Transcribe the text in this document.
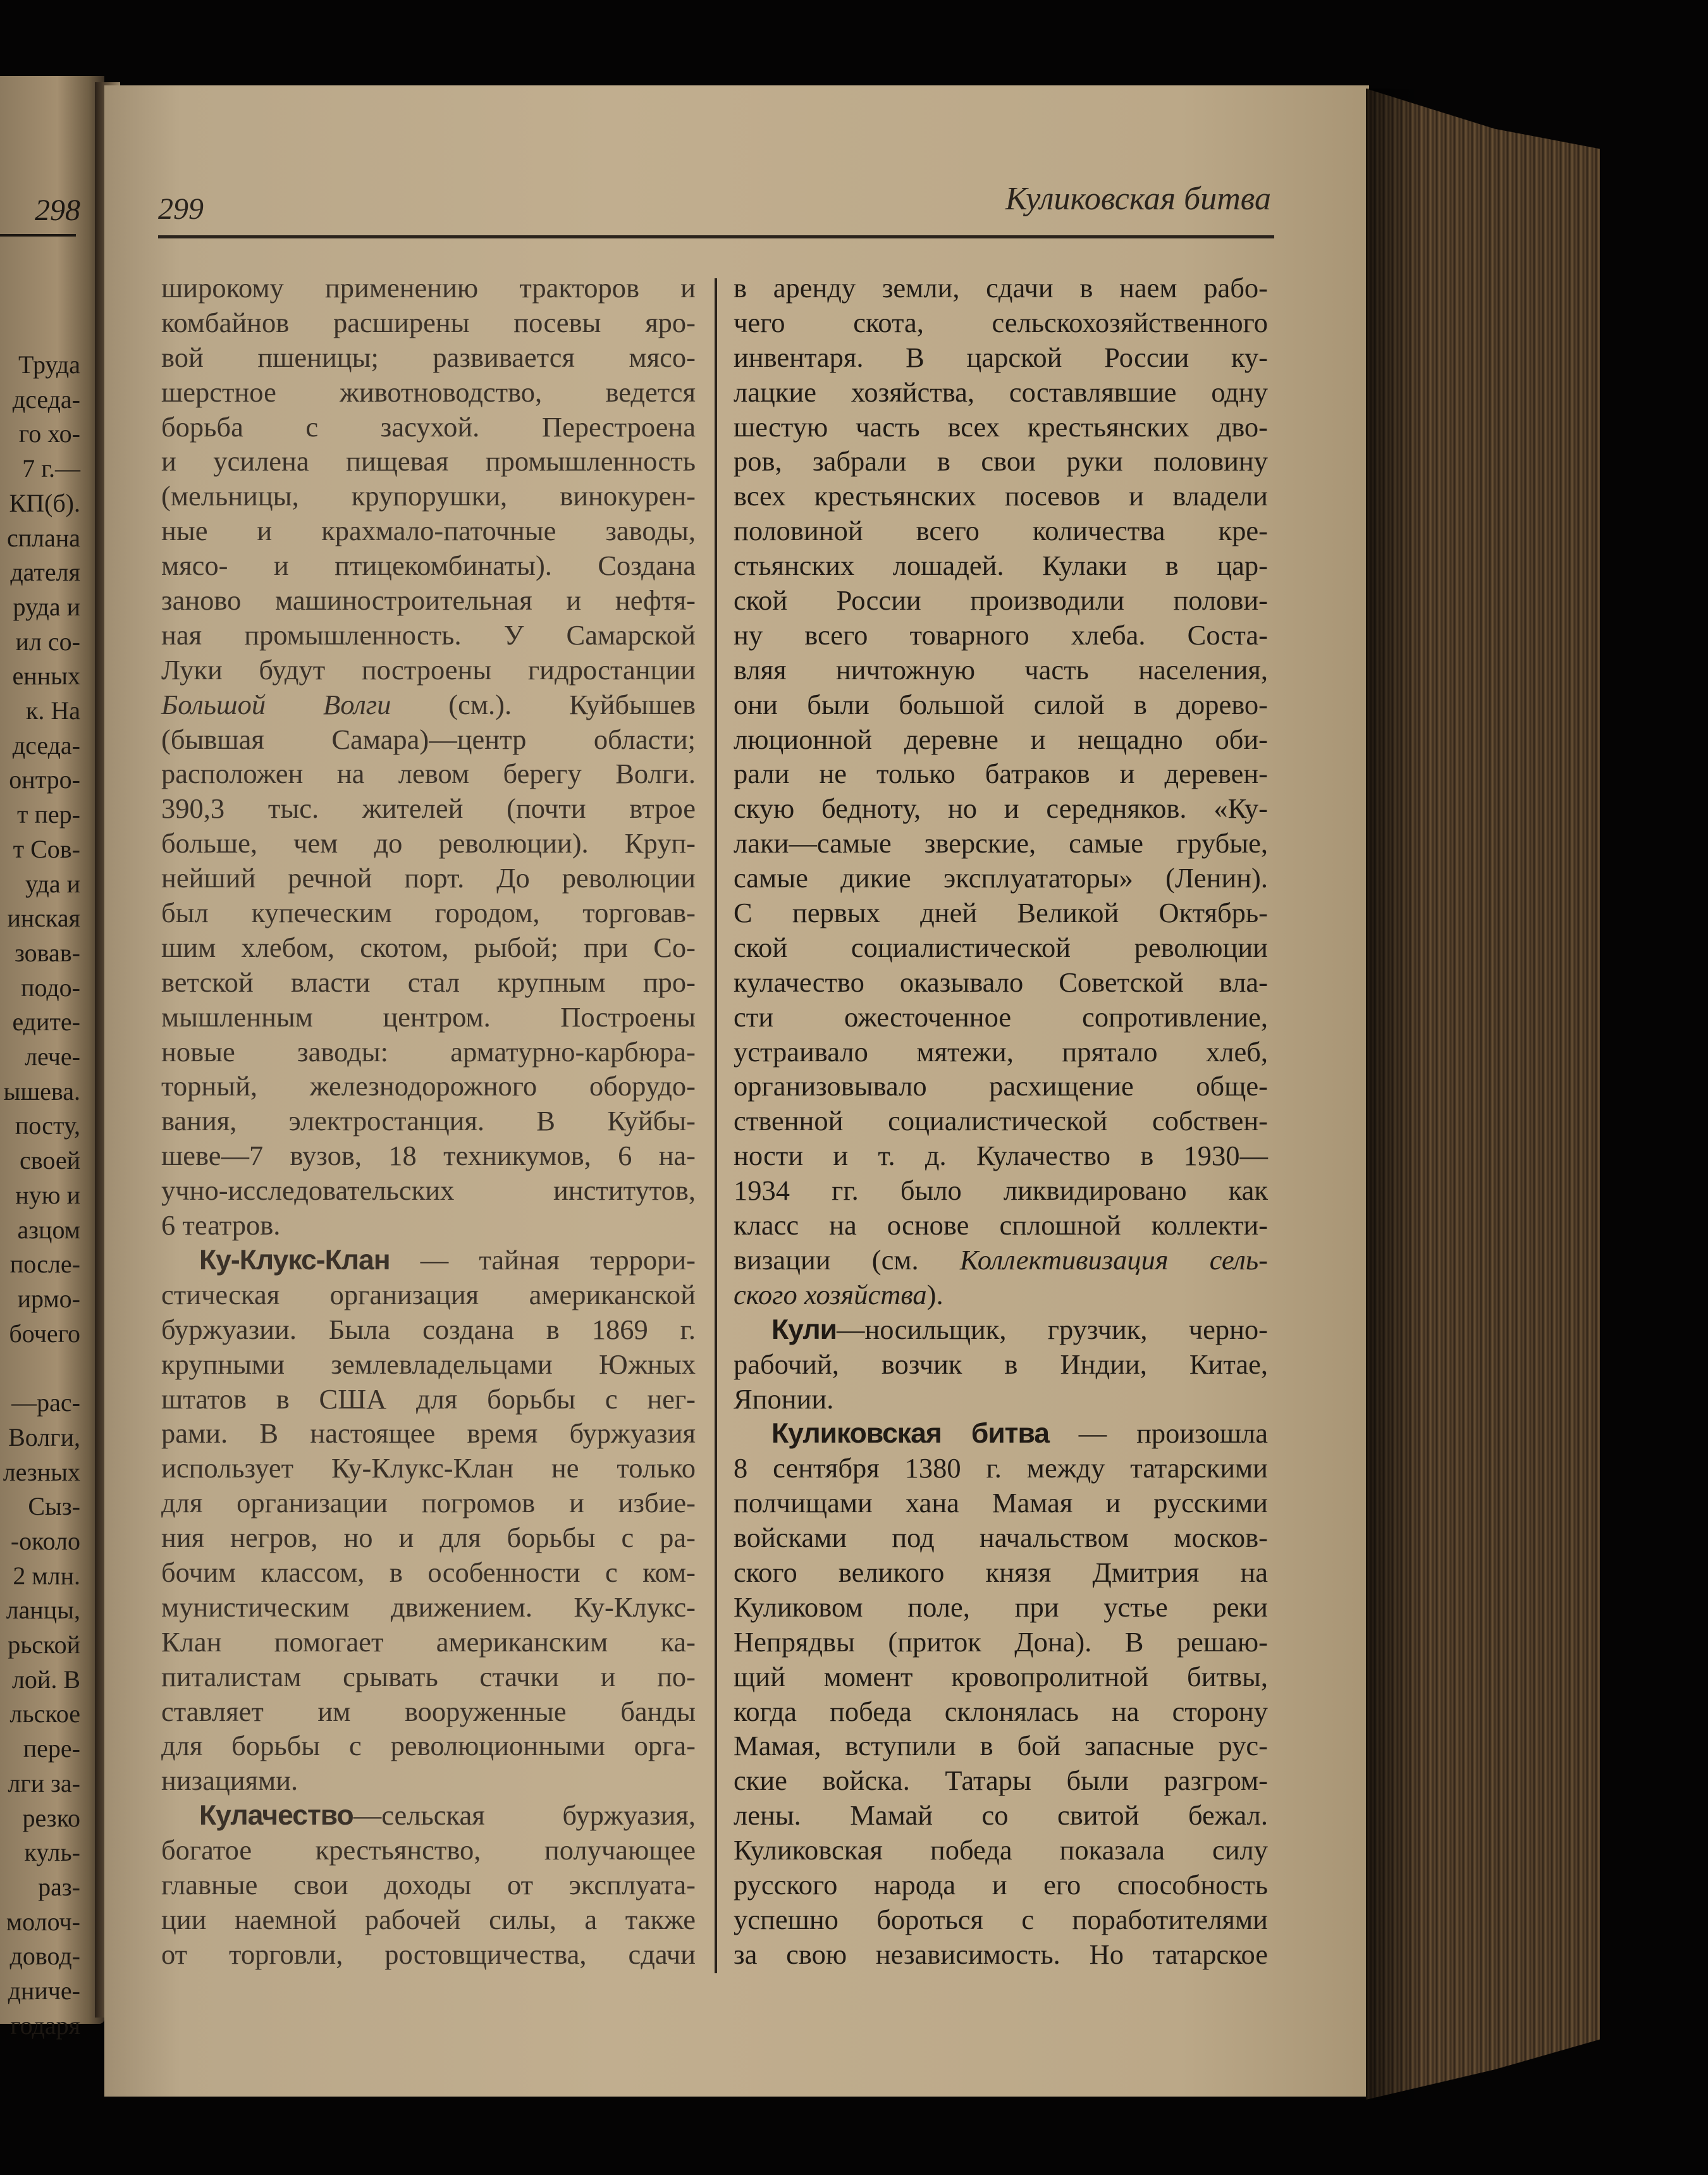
298
Труда
дседа-
го хо-
7 г.—
КП(б).
сплана
дателя
руда и
ил со-
енных
к. На
дседа-
онтро-
т пер-
т Сов-
уда и
инская
зовав-
подо-
едите-
лече-
ышева.
посту,
своей
ную и
азцом
после-
ирмо-
бочего

—рас-
Волги,
лезных
Сыз-
-около
2 млн.
ланцы,
рьской
лой. В
льское
пере-
лги за-
резко
куль-
раз-
молоч-
довод-
дниче-
годаря
299	Куликовская битва
широкому применению тракторов и
комбайнов расширены посевы яро-
вой пшеницы; развивается мясо-
шерстное животноводство, ведется
борьба с засухой. Перестроена
и усилена пищевая промышленность
(мельницы, крупорушки, винокурен-
ные и крахмало-паточные заводы,
мясо- и птицекомбинаты). Создана
заново машиностроительная и нефтя-
ная промышленность. У Самарской
Луки будут построены гидростанции
Большой Волги (см.). Куйбышев
(бывшая Самара)—центр области;
расположен на левом берегу Волги.
390,3 тыс. жителей (почти втрое
больше, чем до революции). Круп-
нейший речной порт. До революции
был купеческим городом, торговав-
шим хлебом, скотом, рыбой; при Со-
ветской власти стал крупным про-
мышленным центром. Построены
новые заводы: арматурно-карбюра-
торный, железнодорожного оборудо-
вания, электростанция. В Куйбы-
шеве—7 вузов, 18 техникумов, 6 на-
учно-исследовательских институтов,
6 театров.
Ку-Клукс-Клан — тайная террори-
стическая организация американской
буржуазии. Была создана в 1869 г.
крупными землевладельцами Южных
штатов в США для борьбы с нег-
рами. В настоящее время буржуазия
использует Ку-Клукс-Клан не только
для организации погромов и избие-
ния негров, но и для борьбы с ра-
бочим классом, в особенности с ком-
мунистическим движением. Ку-Клукс-
Клан помогает американским ка-
питалистам срывать стачки и по-
ставляет им вооруженные банды
для борьбы с революционными орга-
низациями.
Кулачество—сельская буржуазия,
богатое крестьянство, получающее
главные свои доходы от эксплуата-
ции наемной рабочей силы, а также
от торговли, ростовщичества, сдачи
в аренду земли, сдачи в наем рабо-
чего скота, сельскохозяйственного
инвентаря. В царской России ку-
лацкие хозяйства, составлявшие одну
шестую часть всех крестьянских дво-
ров, забрали в свои руки половину
всех крестьянских посевов и владели
половиной всего количества кре-
стьянских лошадей. Кулаки в цар-
ской России производили полови-
ну всего товарного хлеба. Соста-
вляя ничтожную часть населения,
они были большой силой в дорево-
люционной деревне и нещадно оби-
рали не только батраков и деревен-
скую бедноту, но и середняков. «Ку-
лаки—самые зверские, самые грубые,
самые дикие эксплуататоры» (Ленин).
С первых дней Великой Октябрь-
ской социалистической революции
кулачество оказывало Советской вла-
сти ожесточенное сопротивление,
устраивало мятежи, прятало хлеб,
организовывало расхищение обще-
ственной социалистической собствен-
ности и т. д. Кулачество в 1930—
1934 гг. было ликвидировано как
класс на основе сплошной коллекти-
визации (см. Коллективизация сель-
ского хозяйства).
Кули—носильщик, грузчик, черно-
рабочий, возчик в Индии, Китае,
Японии.
Куликовская битва — произошла
8 сентября 1380 г. между татарскими
полчищами хана Мамая и русскими
войсками под начальством москов-
ского великого князя Дмитрия на
Куликовом поле, при устье реки
Непрядвы (приток Дона). В решаю-
щий момент кровопролитной битвы,
когда победа склонялась на сторону
Мамая, вступили в бой запасные рус-
ские войска. Татары были разгром-
лены. Мамай со свитой бежал.
Куликовская победа показала силу
русского народа и его способность
успешно бороться с поработителями
за свою независимость. Но татарское
